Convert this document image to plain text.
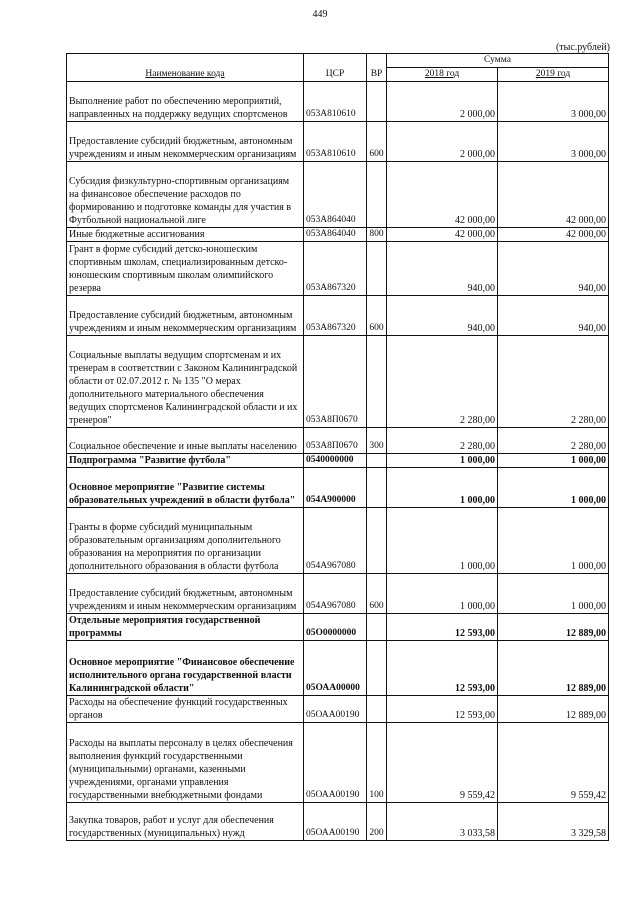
449
(тыс.рублей)
Наименование кода	ЦСР	ВР	Сумма	
			2018 год	2019 год
Выполнение работ по обеспечению мероприятий, направленных на поддержку ведущих спортсменов	053А810610		2 000,00	3 000,00
Предоставление субсидий бюджетным, автономным учреждениям и иным некоммерческим организациям	053А810610	600	2 000,00	3 000,00
Субсидия физкультурно-спортивным организациям на финансовое обеспечение расходов по формированию и подготовке команды для участия в Футбольной национальной лиге	053А864040		42 000,00	42 000,00
Иные бюджетные ассигнования	053А864040	800	42 000,00	42 000,00
Грант в форме субсидий детско-юношеским спортивным школам, специализированным детско-юношеским спортивным школам олимпийского резерва	053А867320		940,00	940,00
Предоставление субсидий бюджетным, автономным учреждениям и иным некоммерческим организациям	053А867320	600	940,00	940,00
Социальные выплаты ведущим спортсменам и их тренерам в соответствии с Законом Калининградской области от 02.07.2012 г. № 135 "О мерах дополнительного материального обеспечения ведущих спортсменов Калининградской области и их тренеров"	053А8П0670		2 280,00	2 280,00
Социальное обеспечение и иные выплаты населению	053А8П0670	300	2 280,00	2 280,00
Подпрограмма "Развитие футбола"	0540000000		1 000,00	1 000,00
Основное мероприятие "Развитие системы образовательных учреждений в области футбола"	054А900000		1 000,00	1 000,00
Гранты в форме субсидий муниципальным образовательным организациям дополнительного образования на мероприятия по организации дополнительного образования в области футбола	054А967080		1 000,00	1 000,00
Предоставление субсидий бюджетным, автономным учреждениям и иным некоммерческим организациям	054А967080	600	1 000,00	1 000,00
Отдельные мероприятия государственной программы	05О0000000		12 593,00	12 889,00
Основное мероприятие "Финансовое обеспечение исполнительного органа государственной власти Калининградской области"	05ОАА00000		12 593,00	12 889,00
Расходы на обеспечение функций государственных органов	05ОАА00190		12 593,00	12 889,00
Расходы на выплаты персоналу в целях обеспечения выполнения функций государственными (муниципальными) органами, казенными учреждениями, органами управления государственными внебюджетными фондами	05ОАА00190	100	9 559,42	9 559,42
Закупка товаров, работ и услуг для обеспечения государственных (муниципальных) нужд	05ОАА00190	200	3 033,58	3 329,58
